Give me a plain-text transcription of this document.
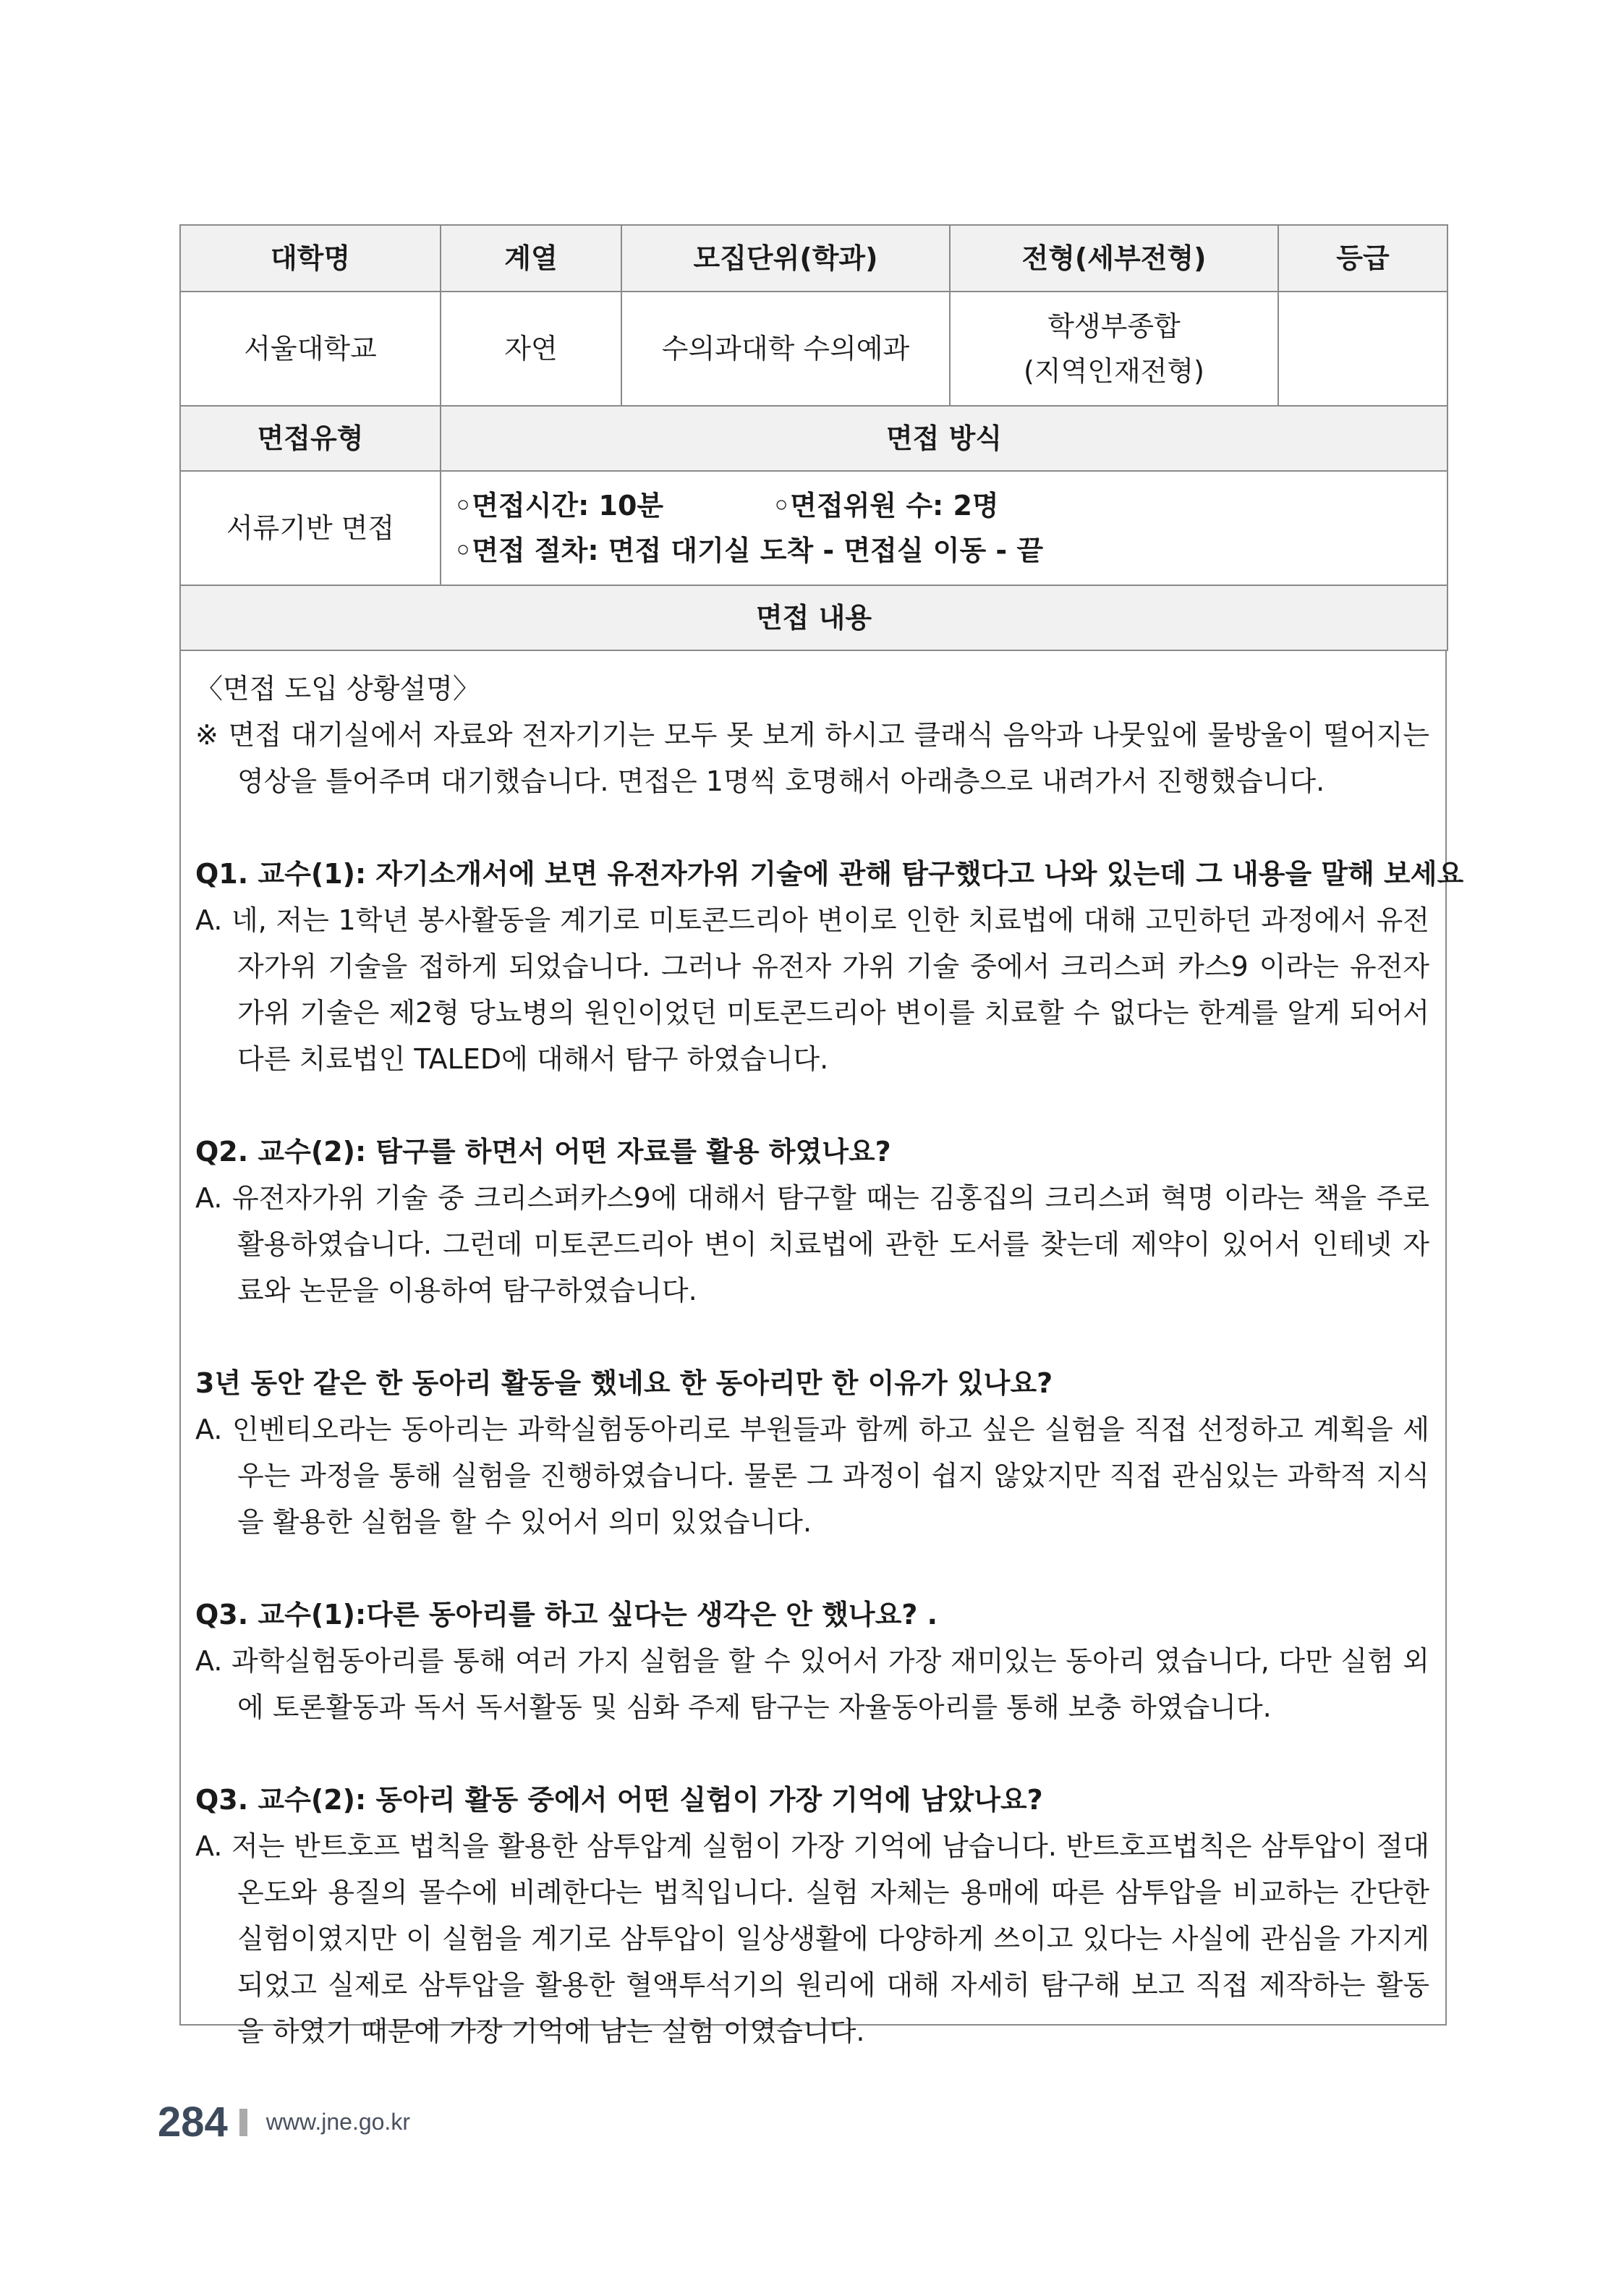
대학명	계열	모집단위(학과)	전형(세부전형)	등급
서울대학교	자연	수의과대학 수의예과	학생부종합
(지역인재전형)	

면접유형	면접 방식			
서류기반 면접	◦면접시간: 10분 ◦면접위원 수: 2명
◦면접 절차: 면접 대기실 도착 - 면접실 이동 - 끝			

면접 내용				
〈면접 도입 상황설명〉
※ 면접 대기실에서 자료와 전자기기는 모두 못 보게 하시고 클래식 음악과 나뭇잎에 물방울이 떨어지는 영상을 틀어주며 대기했습니다. 면접은 1명씩 호명해서 아래층으로 내려가서 진행했습니다.
Q1. 교수(1): 자기소개서에 보면 유전자가위 기술에 관해 탐구했다고 나와 있는데 그 내용을 말해 보세요
A. 네, 저는 1학년 봉사활동을 계기로 미토콘드리아 변이로 인한 치료법에 대해 고민하던 과정에서 유전자가위 기술을 접하게 되었습니다. 그러나 유전자 가위 기술 중에서 크리스퍼 카스9 이라는 유전자가위 기술은 제2형 당뇨병의 원인이었던 미토콘드리아 변이를 치료할 수 없다는 한계를 알게 되어서 다른 치료법인 TALED에 대해서 탐구 하였습니다.
Q2. 교수(2): 탐구를 하면서 어떤 자료를 활용 하였나요?
A. 유전자가위 기술 중 크리스퍼카스9에 대해서 탐구할 때는 김홍집의 크리스퍼 혁명 이라는 책을 주로 활용하였습니다. 그런데 미토콘드리아 변이 치료법에 관한 도서를 찾는데 제약이 있어서 인테넷 자료와 논문을 이용하여 탐구하였습니다.
3년 동안 같은 한 동아리 활동을 했네요 한 동아리만 한 이유가 있나요?
A. 인벤티오라는 동아리는 과학실험동아리로 부원들과 함께 하고 싶은 실험을 직접 선정하고 계획을 세우는 과정을 통해 실험을 진행하였습니다. 물론 그 과정이 쉽지 않았지만 직접 관심있는 과학적 지식을 활용한 실험을 할 수 있어서 의미 있었습니다.
Q3. 교수(1):다른 동아리를 하고 싶다는 생각은 안 했나요? .
A. 과학실험동아리를 통해 여러 가지 실험을 할 수 있어서 가장 재미있는 동아리 였습니다, 다만 실험 외에 토론활동과 독서 독서활동 및 심화 주제 탐구는 자율동아리를 통해 보충 하였습니다.
Q3. 교수(2): 동아리 활동 중에서 어떤 실험이 가장 기억에 남았나요?
A. 저는 반트호프 법칙을 활용한 삼투압계 실험이 가장 기억에 남습니다. 반트호프법칙은 삼투압이 절대온도와 용질의 몰수에 비례한다는 법칙입니다. 실험 자체는 용매에 따른 삼투압을 비교하는 간단한 실험이였지만 이 실험을 계기로 삼투압이 일상생활에 다양하게 쓰이고 있다는 사실에 관심을 가지게 되었고 실제로 삼투압을 활용한 혈액투석기의 원리에 대해 자세히 탐구해 보고 직접 제작하는 활동을 하였기 때문에 가장 기억에 남는 실험 이였습니다.
284 www.jne.go.kr
